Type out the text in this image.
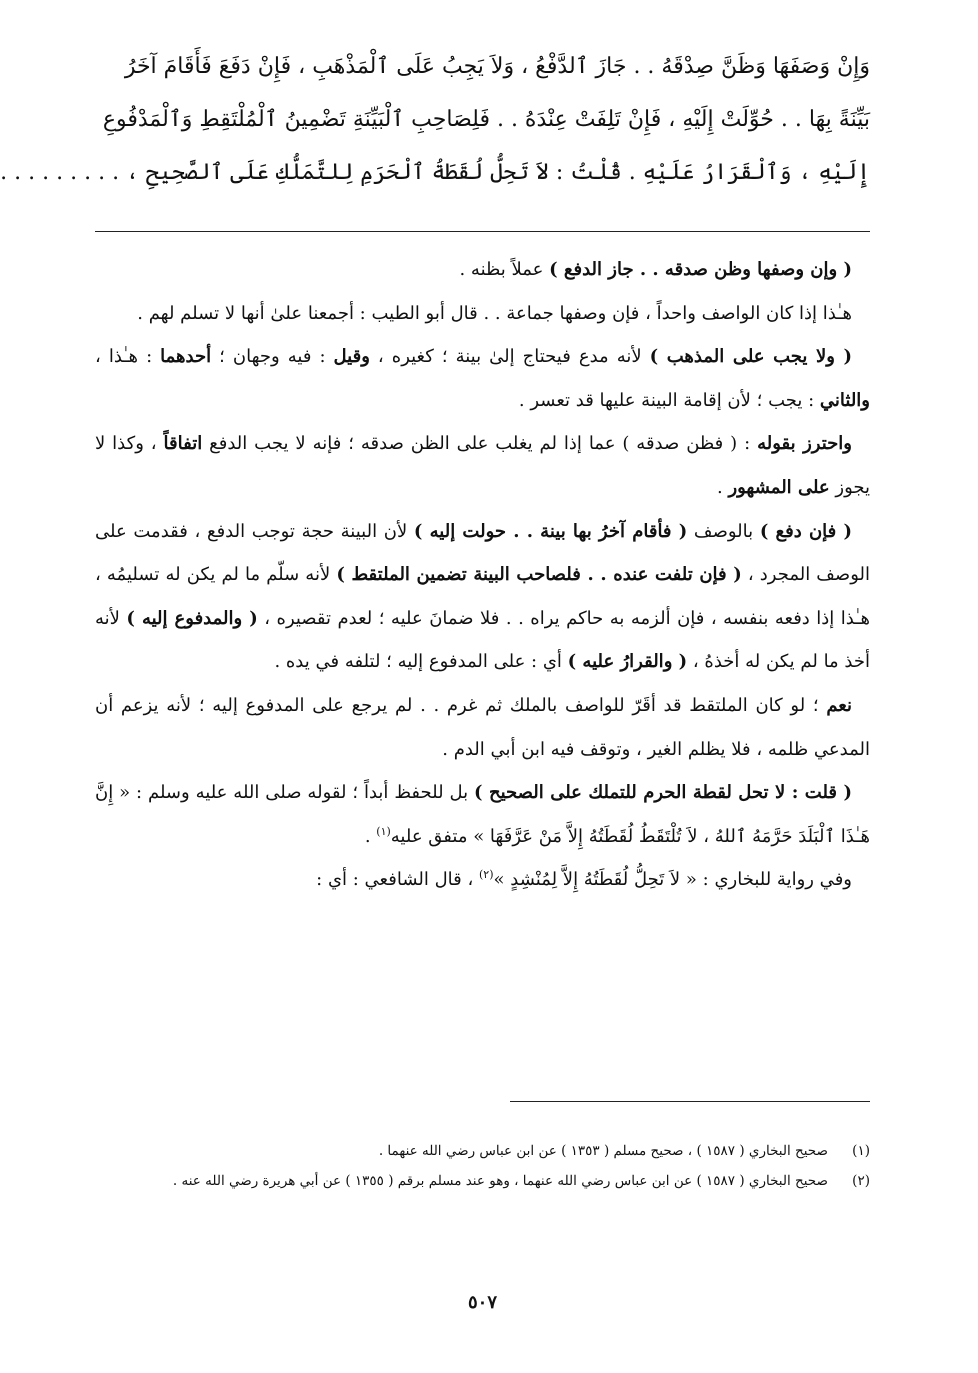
وَإِنْ وَصَفَهَا وَظَنَّ صِدْقَهُ . . جَازَ ٱلدَّفْعُ ، وَلاَ يَجِبُ عَلَى ٱلْمَذْهَبِ ، فَإِنْ دَفَعَ فَأَقَامَ آخَرُ
بَيِّنَةً بِهَا . . حُوِّلَتْ إِلَيْهِ ، فَإِنْ تَلِفَتْ عِنْدَهُ . . فَلِصَاحِبِ ٱلْبَيِّنَةِ تَضْمِينُ ٱلْمُلْتَقِطِ وَٱلْمَدْفُوعِ
إِلَيْهِ ، وَٱلْقَرَارُ عَلَيْهِ . قُلْتُ : لاَ تَحِلُّ لُقَطَةُ ٱلْحَرَمِ لِلتَّمَلُّكِ عَلَى ٱلصَّحِيحِ ، . . . . . . . . .

( وإن وصفها وظن صدقه . . جاز الدفع ) عملاً بظنه .

هـٰذا إذا كان الواصف واحداً ، فإن وصفها جماعة . . قال أبو الطيب : أجمعنا علىٰ أنها لا تسلم لهم .

( ولا يجب على المذهب ) لأنه مدع فيحتاج إلىٰ بينة ؛ كغيره ، وقيل : فيه وجهان ؛ أحدهما : هـٰذا ، والثاني : يجب ؛ لأن إقامة البينة عليها قد تعسر .

واحترز بقوله : ( فظن صدقه ) عما إذا لم يغلب على الظن صدقه ؛ فإنه لا يجب الدفع اتفاقاً ، وكذا لا يجوز على المشهور .

( فإن دفع ) بالوصف ( فأقام آخرُ بها بينة . . حولت إليه ) لأن البينة حجة توجب الدفع ، فقدمت على الوصف المجرد ، ( فإن تلفت عنده . . فلصاحب البينة تضمين الملتقط ) لأنه سلّم ما لم يكن له تسليمُه ، هـٰذا إذا دفعه بنفسه ، فإن ألزمه به حاكم يراه . . فلا ضمانَ عليه ؛ لعدم تقصيره ، ( والمدفوع إليه ) لأنه أخذ ما لم يكن له أخذهُ ، ( والقرارُ عليه ) أي : على المدفوع إليه ؛ لتلفه في يده .

نعم ؛ لو كان الملتقط قد أقَرّ للواصف بالملك ثم غرم . . لم يرجع على المدفوع إليه ؛ لأنه يزعم أن المدعي ظلمه ، فلا يظلم الغير ، وتوقف فيه ابن أبي الدم .

( قلت : لا تحل لقطة الحرم للتملك على الصحيح ) بل للحفظ أبداً ؛ لقوله صلى الله عليه وسلم : « إِنَّ هَـٰذَا ٱلْبَلَدَ حَرَّمَهُ ٱللهُ ، لاَ تُلْتَقَطُ لُقَطَتُهُ إِلاَّ مَنْ عَرَّفَهَا » متفق عليه$^{(١)}$ .

وفي رواية للبخاري : « لاَ تَحِلُّ لُقَطَتُهُ إِلاَّ لِمُنْشِدٍ »$^{(٢)}$ ، قال الشافعي : أي :

(١)
صحيح البخاري ( ١٥٨٧ ) ، صحيح مسلم ( ١٣٥٣ ) عن ابن عباس رضي الله عنهما .
(٢)
صحيح البخاري ( ١٥٨٧ ) عن ابن عباس رضي الله عنهما ، وهو عند مسلم برقم ( ١٣٥٥ ) عن أبي هريرة رضي الله عنه .
٥٠٧
